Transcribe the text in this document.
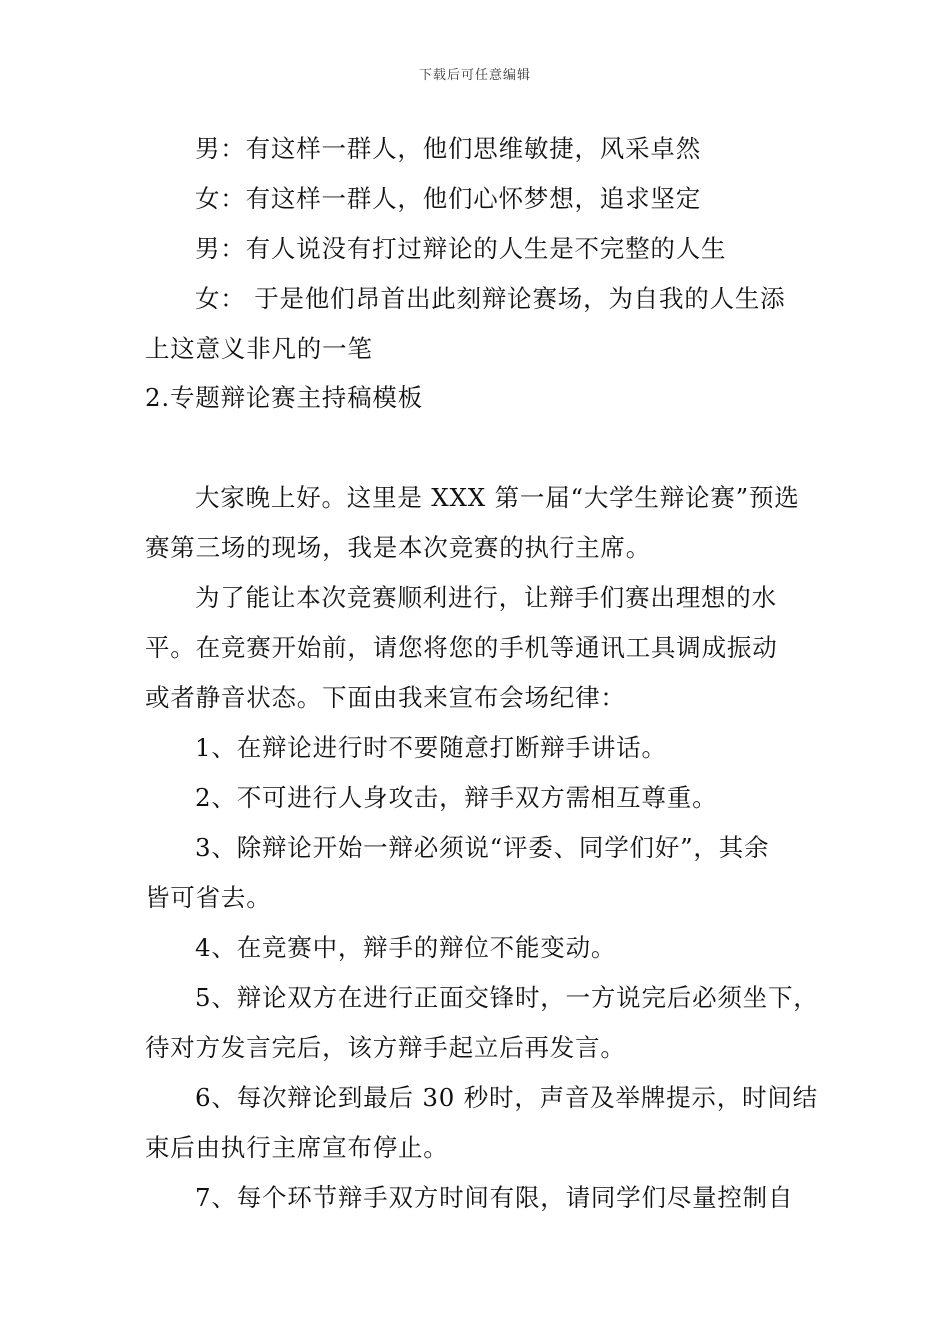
下载后可任意编辑
男：有这样一群人，他们思维敏捷，风采卓然
女：有这样一群人，他们心怀梦想，追求坚定
男：有人说没有打过辩论的人生是不完整的人生
女： 于是他们昂首出此刻辩论赛场，为自我的人生添
上这意义非凡的一笔
2.专题辩论赛主持稿模板
大家晚上好。这里是 XXX 第一届“大学生辩论赛”预选
赛第三场的现场，我是本次竞赛的执行主席。
为了能让本次竞赛顺利进行，让辩手们赛出理想的水
平。在竞赛开始前，请您将您的手机等通讯工具调成振动
或者静音状态。下面由我来宣布会场纪律：
1、在辩论进行时不要随意打断辩手讲话。
2、不可进行人身攻击，辩手双方需相互尊重。
3、除辩论开始一辩必须说“评委、同学们好”，其余
皆可省去。
4、在竞赛中，辩手的辩位不能变动。
5、辩论双方在进行正面交锋时，一方说完后必须坐下，
待对方发言完后，该方辩手起立后再发言。
6、每次辩论到最后 30 秒时，声音及举牌提示，时间结
束后由执行主席宣布停止。
7、每个环节辩手双方时间有限，请同学们尽量控制自
